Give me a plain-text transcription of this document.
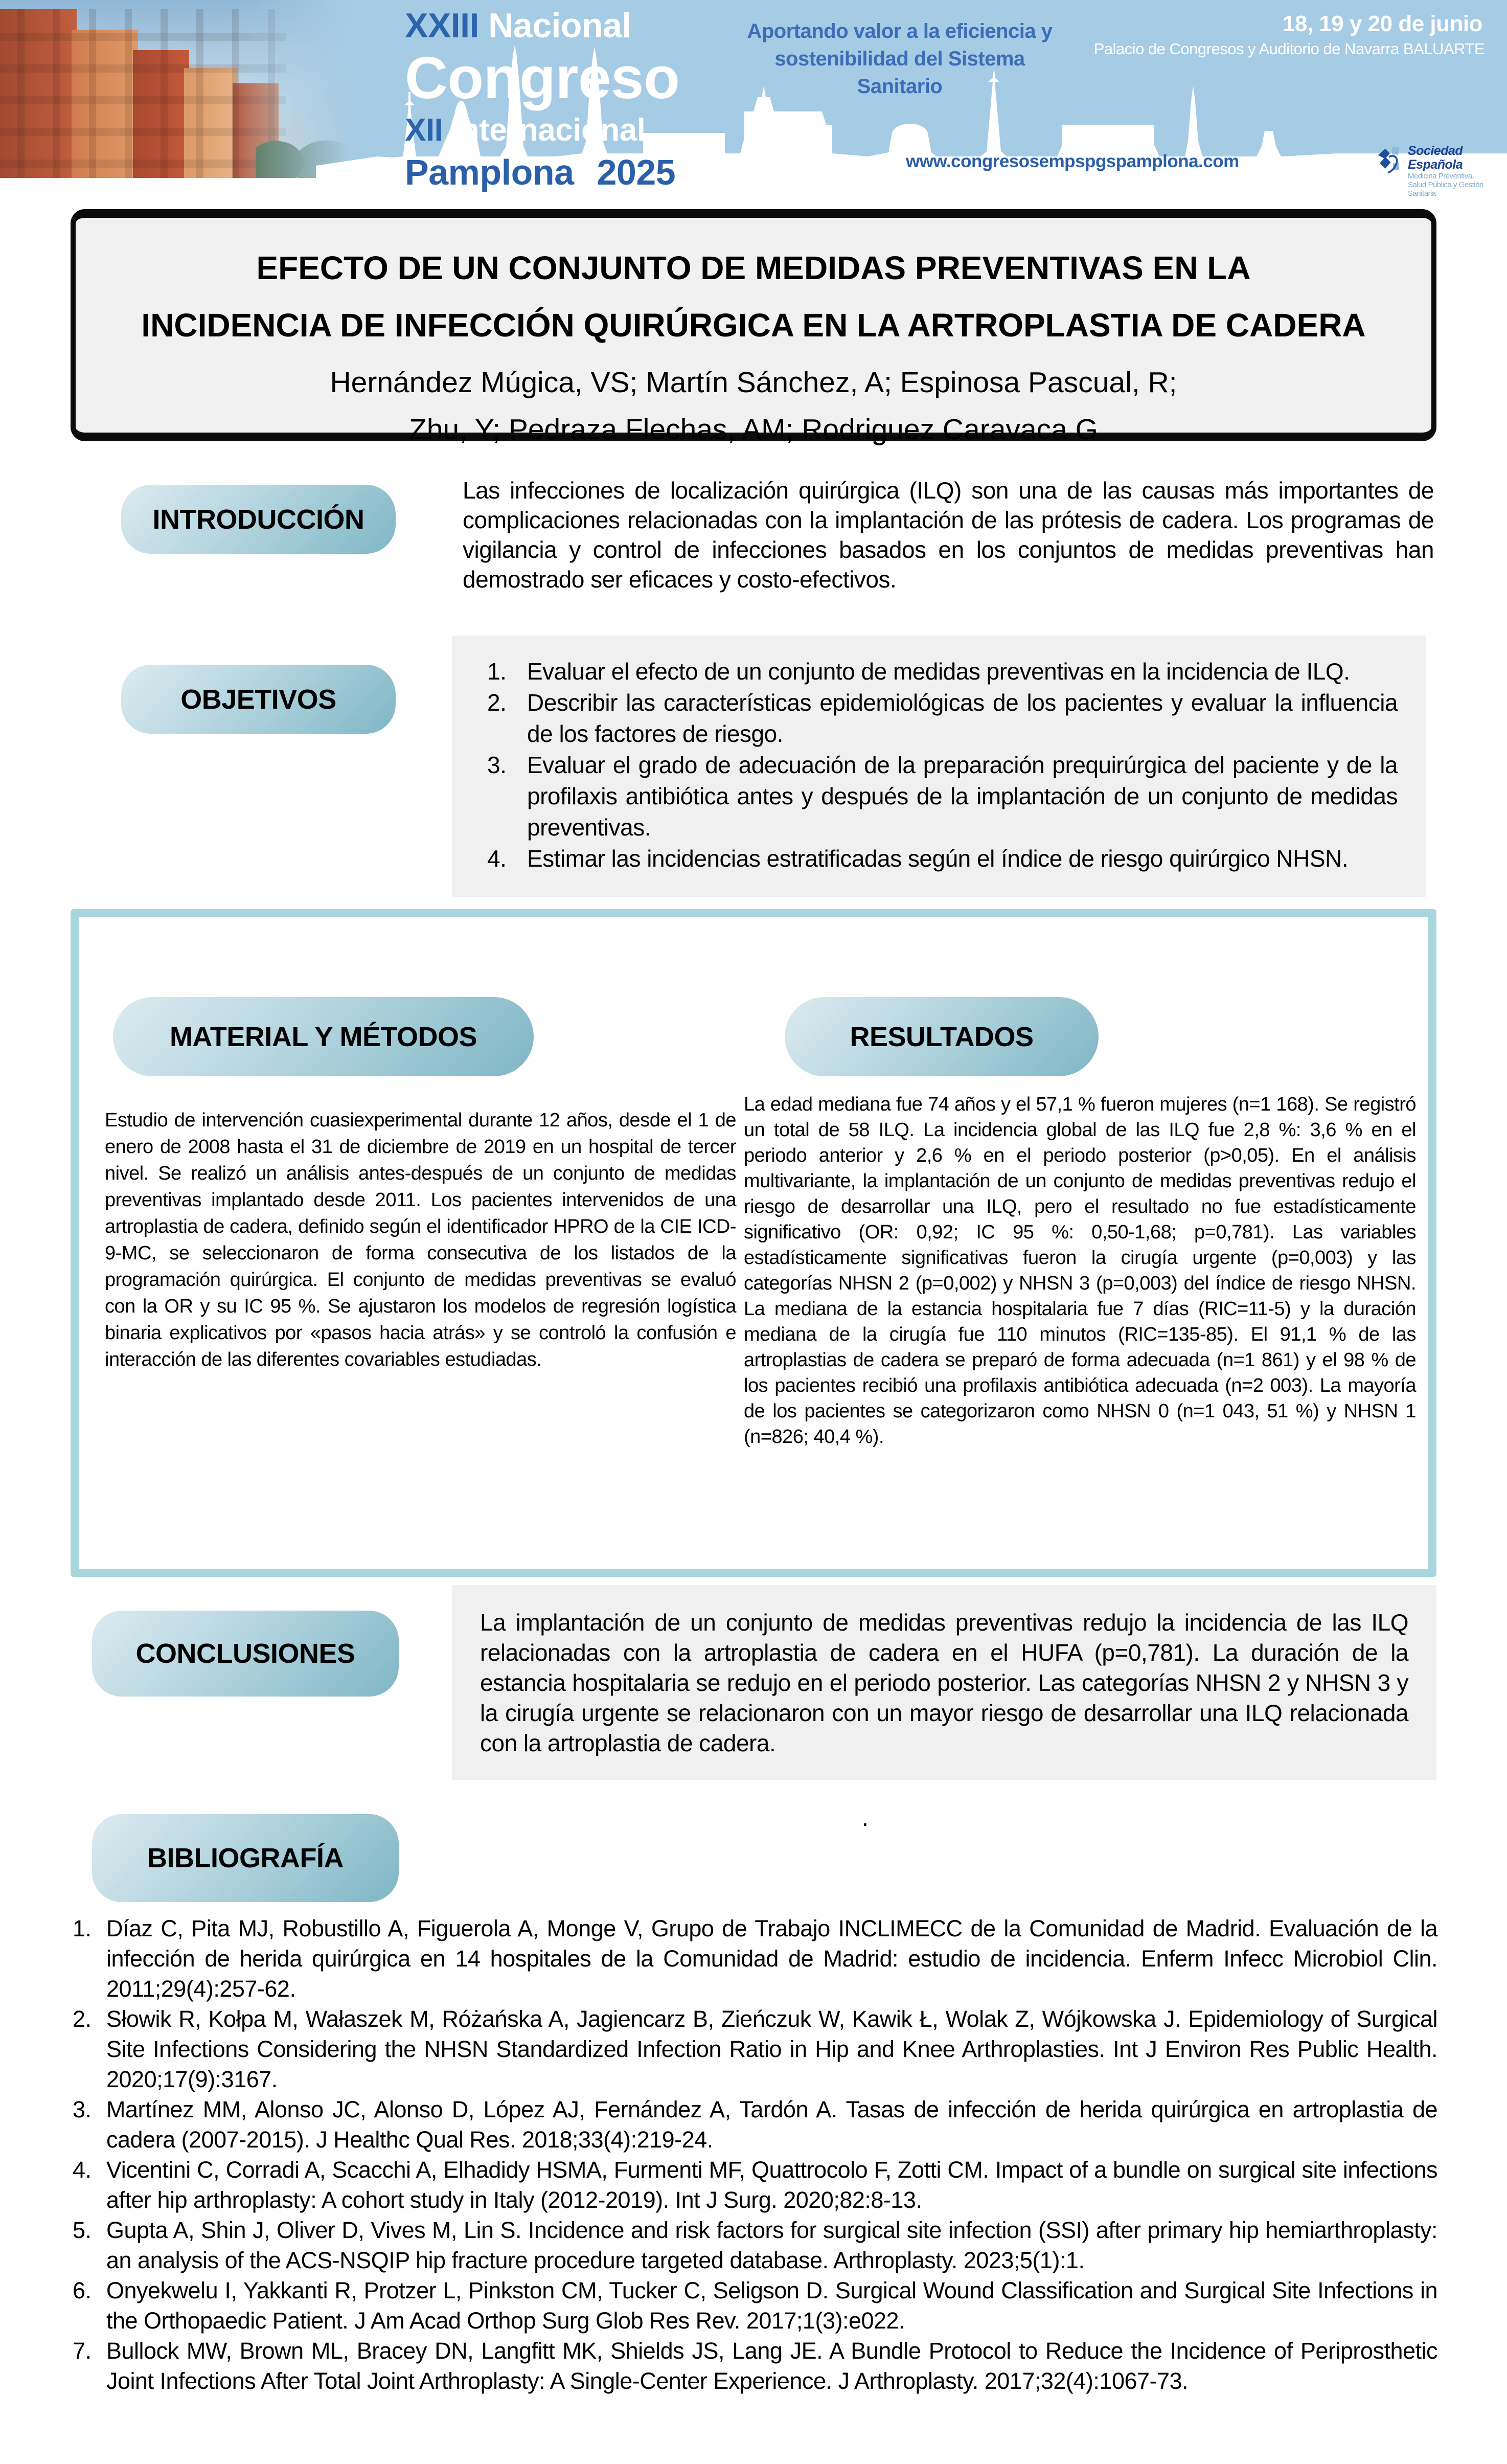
XXIII Nacional
Congreso
XII Internacional
Pamplona 2025
Aportando valor a la eficiencia y
sostenibilidad del Sistema Sanitario
18, 19 y 20 de junio
Palacio de Congresos y Auditorio de Navarra BALUARTE
www.congresosempspgspamplona.com
Sociedad Española
Medicina Preventiva,
Salud Pública y Gestión Sanitaria
EFECTO DE UN CONJUNTO DE MEDIDAS PREVENTIVAS EN LA
INCIDENCIA DE INFECCIÓN QUIRÚRGICA EN LA ARTROPLASTIA DE CADERA
Hernández Múgica, VS; Martín Sánchez, A; Espinosa Pascual, R;
Zhu, Y; Pedraza Flechas, AM; Rodriguez Caravaca G
INTRODUCCIÓN

Las infecciones de localización quirúrgica (ILQ) son una de las causas más importantes de complicaciones relacionadas con la implantación de las prótesis de cadera. Los programas de vigilancia y control de infecciones basados en los conjuntos de medidas preventivas han demostrado ser eficaces y costo-efectivos.

OBJETIVOS
1. Evaluar el efecto de un conjunto de medidas preventivas en la incidencia de ILQ.
2. Describir las características epidemiológicas de los pacientes y evaluar la influencia de los factores de riesgo.
3. Evaluar el grado de adecuación de la preparación prequirúrgica del paciente y de la profilaxis antibiótica antes y después de la implantación de un conjunto de medidas preventivas.
4. Estimar las incidencias estratificadas según el índice de riesgo quirúrgico NHSN.
MATERIAL Y MÉTODOS

Estudio de intervención cuasiexperimental durante 12 años, desde el 1 de enero de 2008 hasta el 31 de diciembre de 2019 en un hospital de tercer nivel. Se realizó un análisis antes-después de un conjunto de medidas preventivas implantado desde 2011. Los pacientes intervenidos de una artroplastia de cadera, definido según el identificador HPRO de la CIE ICD-9-MC, se seleccionaron de forma consecutiva de los listados de la programación quirúrgica. El conjunto de medidas preventivas se evaluó con la OR y su IC 95 %. Se ajustaron los modelos de regresión logística binaria explicativos por «pasos hacia atrás» y se controló la confusión e interacción de las diferentes covariables estudiadas.

RESULTADOS

La edad mediana fue 74 años y el 57,1 % fueron mujeres (n=1 168). Se registró un total de 58 ILQ. La incidencia global de las ILQ fue 2,8 %: 3,6 % en el periodo anterior y 2,6 % en el periodo posterior (p>0,05). En el análisis multivariante, la implantación de un conjunto de medidas preventivas redujo el riesgo de desarrollar una ILQ, pero el resultado no fue estadísticamente significativo (OR: 0,92; IC 95 %: 0,50-1,68; p=0,781). Las variables estadísticamente significativas fueron la cirugía urgente (p=0,003) y las categorías NHSN 2 (p=0,002) y NHSN 3 (p=0,003) del índice de riesgo NHSN. La mediana de la estancia hospitalaria fue 7 días (RIC=11-5) y la duración mediana de la cirugía fue 110 minutos (RIC=135-85). El 91,1 % de las artroplastias de cadera se preparó de forma adecuada (n=1 861) y el 98 % de los pacientes recibió una profilaxis antibiótica adecuada (n=2 003). La mayoría de los pacientes se categorizaron como NHSN 0 (n=1 043, 51 %) y NHSN 1 (n=826; 40,4 %).

CONCLUSIONES

La implantación de un conjunto de medidas preventivas redujo la incidencia de las ILQ relacionadas con la artroplastia de cadera en el HUFA (p=0,781). La duración de la estancia hospitalaria se redujo en el periodo posterior. Las categorías NHSN 2 y NHSN 3 y la cirugía urgente se relacionaron con un mayor riesgo de desarrollar una ILQ relacionada con la artroplastia de cadera.

.
BIBLIOGRAFÍA
1. Díaz C, Pita MJ, Robustillo A, Figuerola A, Monge V, Grupo de Trabajo INCLIMECC de la Comunidad de Madrid. Evaluación de la infección de herida quirúrgica en 14 hospitales de la Comunidad de Madrid: estudio de incidencia. Enferm Infecc Microbiol Clin. 2011;29(4):257-62.
2. Słowik R, Kołpa M, Wałaszek M, Różańska A, Jagiencarz B, Zieńczuk W, Kawik Ł, Wolak Z, Wójkowska J. Epidemiology of Surgical Site Infections Considering the NHSN Standardized Infection Ratio in Hip and Knee Arthroplasties. Int J Environ Res Public Health. 2020;17(9):3167.
3. Martínez MM, Alonso JC, Alonso D, López AJ, Fernández A, Tardón A. Tasas de infección de herida quirúrgica en artroplastia de cadera (2007-2015). J Healthc Qual Res. 2018;33(4):219-24.
4. Vicentini C, Corradi A, Scacchi A, Elhadidy HSMA, Furmenti MF, Quattrocolo F, Zotti CM. Impact of a bundle on surgical site infections after hip arthroplasty: A cohort study in Italy (2012-2019). Int J Surg. 2020;82:8-13.
5. Gupta A, Shin J, Oliver D, Vives M, Lin S. Incidence and risk factors for surgical site infection (SSI) after primary hip hemiarthroplasty: an analysis of the ACS-NSQIP hip fracture procedure targeted database. Arthroplasty. 2023;5(1):1.
6. Onyekwelu I, Yakkanti R, Protzer L, Pinkston CM, Tucker C, Seligson D. Surgical Wound Classification and Surgical Site Infections in the Orthopaedic Patient. J Am Acad Orthop Surg Glob Res Rev. 2017;1(3):e022.
7. Bullock MW, Brown ML, Bracey DN, Langfitt MK, Shields JS, Lang JE. A Bundle Protocol to Reduce the Incidence of Periprosthetic Joint Infections After Total Joint Arthroplasty: A Single-Center Experience. J Arthroplasty. 2017;32(4):1067-73.
